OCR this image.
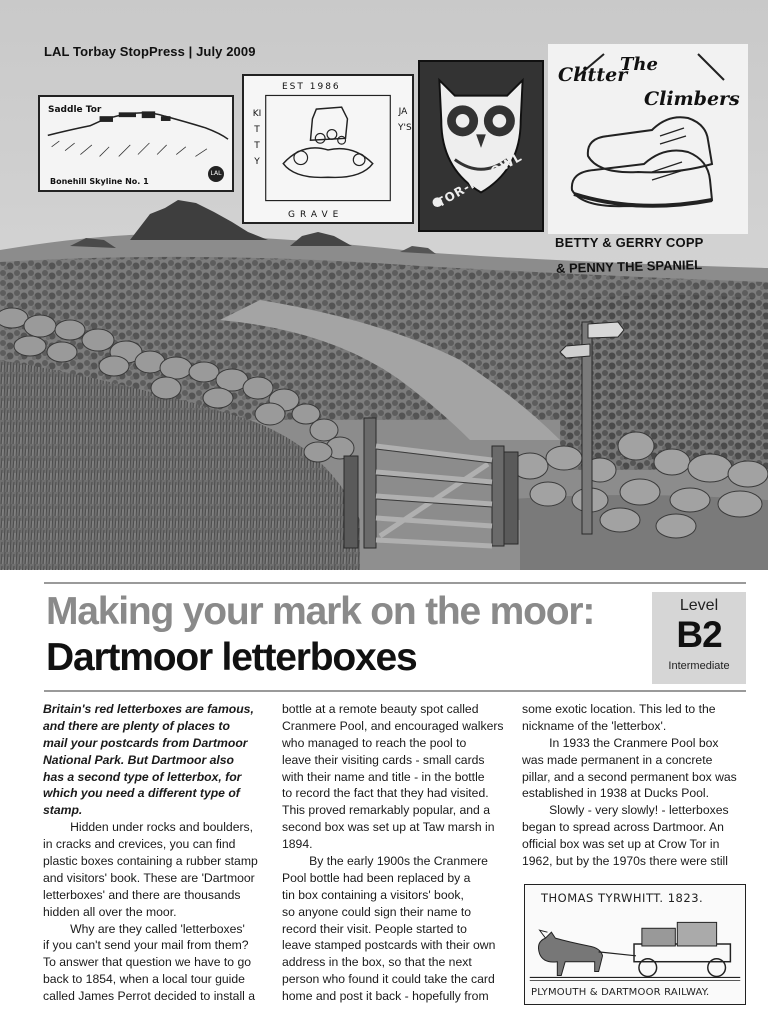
LAL Torbay StopPress | July 2009
Saddle Tor
Bonehill Skyline No. 1
LAL
EST 1986
KITTY
JAY'S
GRAVE
TOR-NY OWL
The
Clitter
Climbers
BETTY & GERRY COPP
& PENNY THE SPANIEL
Making your mark on the moor:
Dartmoor letterboxes
Level
B2
Intermediate
Britain's red letterboxes are famous,
and there are plenty of places to
mail your postcards from Dartmoor
National Park. But Dartmoor also
has a second type of letterbox, for
which you need a different type of
stamp.
Hidden under rocks and boulders,
in cracks and crevices, you can find
plastic boxes containing a rubber stamp
and visitors' book. These are 'Dartmoor
letterboxes' and there are thousands
hidden all over the moor.
Why are they called 'letterboxes'
if you can't send your mail from them?
To answer that question we have to go
back to 1854, when a local tour guide
called James Perrot decided to install a
bottle at a remote beauty spot called
Cranmere Pool, and encouraged walkers
who managed to reach the pool to
leave their visiting cards - small cards
with their name and title - in the bottle
to record the fact that they had visited.
This proved remarkably popular, and a
second box was set up at Taw marsh in
1894.
By the early 1900s the Cranmere
Pool bottle had been replaced by a
tin box containing a visitors' book,
so anyone could sign their name to
record their visit. People started to
leave stamped postcards with their own
address in the box, so that the next
person who found it could take the card
home and post it back - hopefully from
some exotic location. This led to the
nickname of the 'letterbox'.
In 1933 the Cranmere Pool box
was made permanent in a concrete
pillar, and a second permanent box was
established in 1938 at Ducks Pool.
Slowly - very slowly! - letterboxes
began to spread across Dartmoor. An
official box was set up at Crow Tor in
1962, but by the 1970s there were still
THOMAS TYRWHITT. 1823.
PLYMOUTH & DARTMOOR RAILWAY.
